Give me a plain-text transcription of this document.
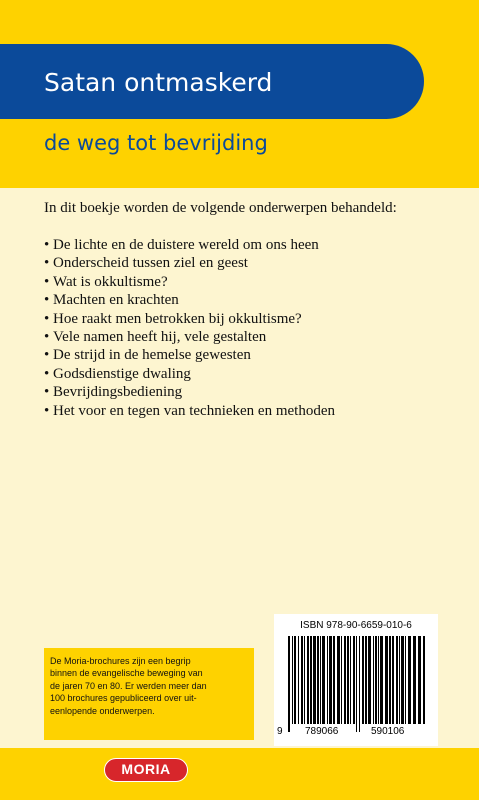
Satan ontmaskerd
de weg tot bevrijding
In dit boekje worden de volgende onderwerpen behandeld:
• De lichte en de duistere wereld om ons heen
• Onderscheid tussen ziel en geest
• Wat is okkultisme?
• Machten en krachten
• Hoe raakt men betrokken bij okkultisme?
• Vele namen heeft hij, vele gestalten
• De strijd in de hemelse gewesten
• Godsdienstige dwaling
• Bevrijdingsbediening
• Het voor en tegen van technieken en methoden
De Moria-brochures zijn een begrip
binnen de evangelische beweging van
de jaren 70 en 80. Er werden meer dan
100 brochures gepubliceerd over uit-
eenlopende onderwerpen.
ISBN 978-90-6659-010-6
9 789066	590106
MORIA
